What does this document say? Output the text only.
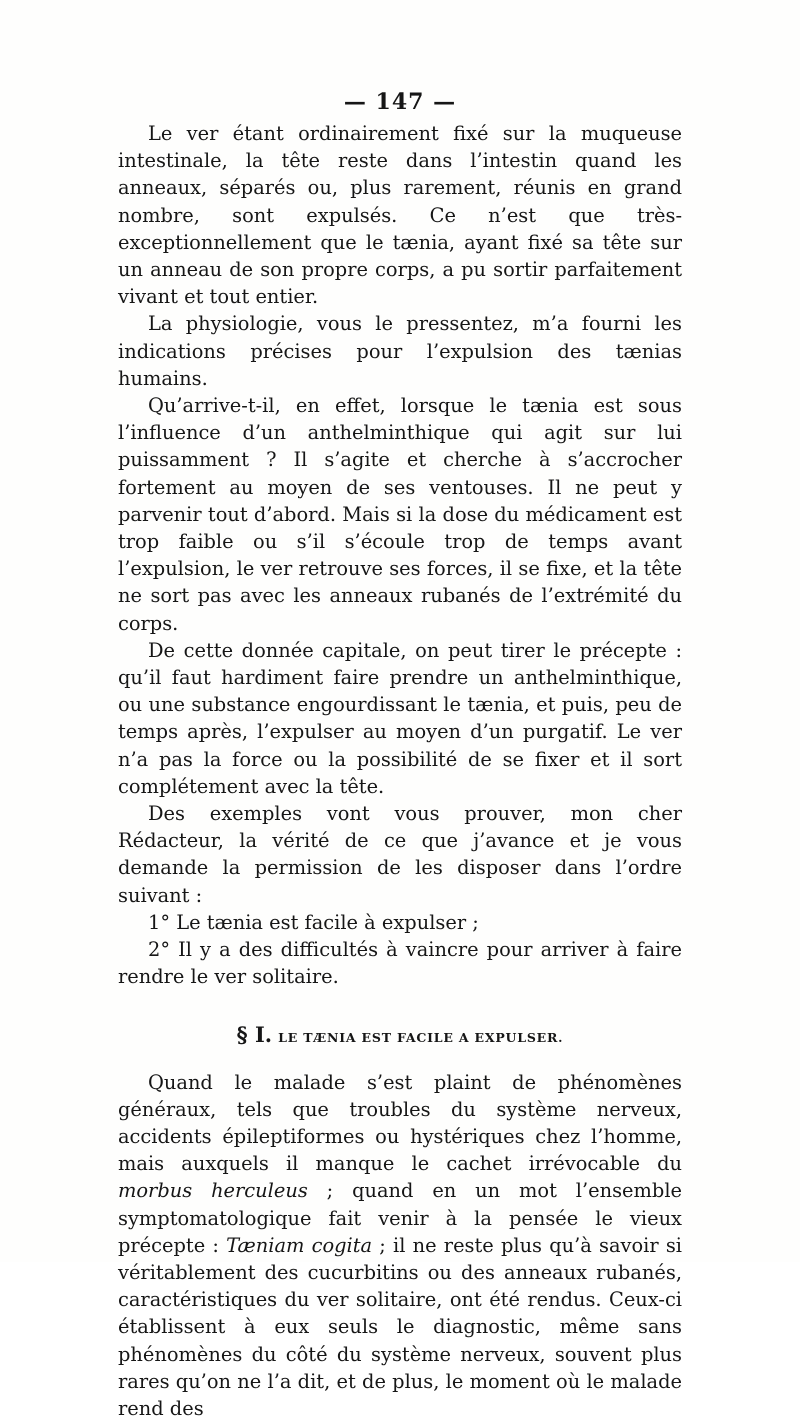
— 147 —

Le ver étant ordinairement fixé sur la muqueuse intestinale, la tête reste dans l’intestin quand les anneaux, séparés ou, plus rarement, réunis en grand nombre, sont expulsés. Ce n’est que très-exceptionnellement que le tænia, ayant fixé sa tête sur un anneau de son propre corps, a pu sortir parfaitement vivant et tout entier.

La physiologie, vous le pressentez, m’a fourni les indications précises pour l’expulsion des tænias humains.

Qu’arrive-t-il, en effet, lorsque le tænia est sous l’influence d’un anthelminthique qui agit sur lui puissamment ? Il s’agite et cherche à s’accrocher fortement au moyen de ses ventouses. Il ne peut y parvenir tout d’abord. Mais si la dose du médicament est trop faible ou s’il s’écoule trop de temps avant l’expulsion, le ver retrouve ses forces, il se fixe, et la tête ne sort pas avec les anneaux rubanés de l’extrémité du corps.

De cette donnée capitale, on peut tirer le précepte : qu’il faut hardiment faire prendre un anthelminthique, ou une substance engourdissant le tænia, et puis, peu de temps après, l’expulser au moyen d’un purgatif. Le ver n’a pas la force ou la possibilité de se fixer et il sort complétement avec la tête.

Des exemples vont vous prouver, mon cher Rédacteur, la vérité de ce que j’avance et je vous demande la permission de les disposer dans l’ordre suivant :

1° Le tænia est facile à expulser ;

2° Il y a des difficultés à vaincre pour arriver à faire rendre le ver solitaire.

§ I. LE TÆNIA EST FACILE A EXPULSER.

Quand le malade s’est plaint de phénomènes généraux, tels que troubles du système nerveux, accidents épileptiformes ou hystériques chez l’homme, mais auxquels il manque le cachet irrévocable du morbus herculeus ; quand en un mot l’ensemble symptomatologique fait venir à la pensée le vieux précepte : Tæniam cogita ; il ne reste plus qu’à savoir si véritablement des cucurbitins ou des anneaux rubanés, caractéristiques du ver solitaire, ont été rendus. Ceux-ci établissent à eux seuls le diagnostic, même sans phénomènes du côté du système nerveux, souvent plus rares qu’on ne l’a dit, et de plus, le moment où le malade rend des
